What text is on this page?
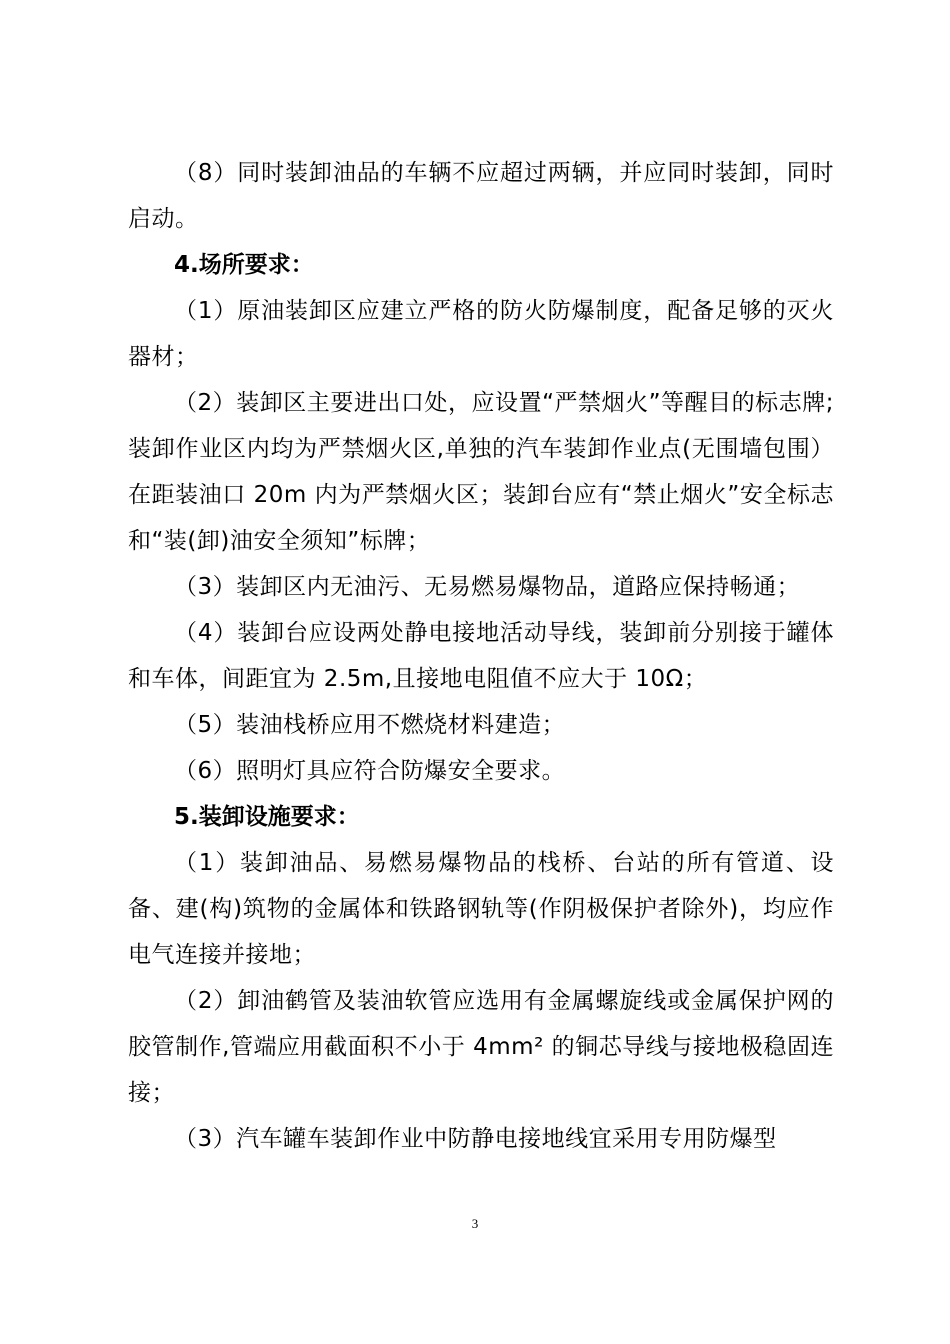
（8）同时装卸油品的车辆不应超过两辆，并应同时装卸，同时启动。

4.场所要求：

（1）原油装卸区应建立严格的防火防爆制度，配备足够的灭火器材；

（2）装卸区主要进出口处，应设置“严禁烟火”等醒目的标志牌;装卸作业区内均为严禁烟火区,单独的汽车装卸作业点(无围墙包围）在距装油口 20m 内为严禁烟火区；装卸台应有“禁止烟火”安全标志和“装(卸)油安全须知”标牌；

（3）装卸区内无油污、无易燃易爆物品，道路应保持畅通；

（4）装卸台应设两处静电接地活动导线，装卸前分别接于罐体和车体，间距宜为 2.5m,且接地电阻值不应大于 10Ω；

（5）装油栈桥应用不燃烧材料建造；

（6）照明灯具应符合防爆安全要求。

5.装卸设施要求：

（1）装卸油品、易燃易爆物品的栈桥、台站的所有管道、设备、建(构)筑物的金属体和铁路钢轨等(作阴极保护者除外)，均应作电气连接并接地；

（2）卸油鹤管及装油软管应选用有金属螺旋线或金属保护网的胶管制作,管端应用截面积不小于 4mm² 的铜芯导线与接地极稳固连接；

（3）汽车罐车装卸作业中防静电接地线宜采用专用防爆型

3
